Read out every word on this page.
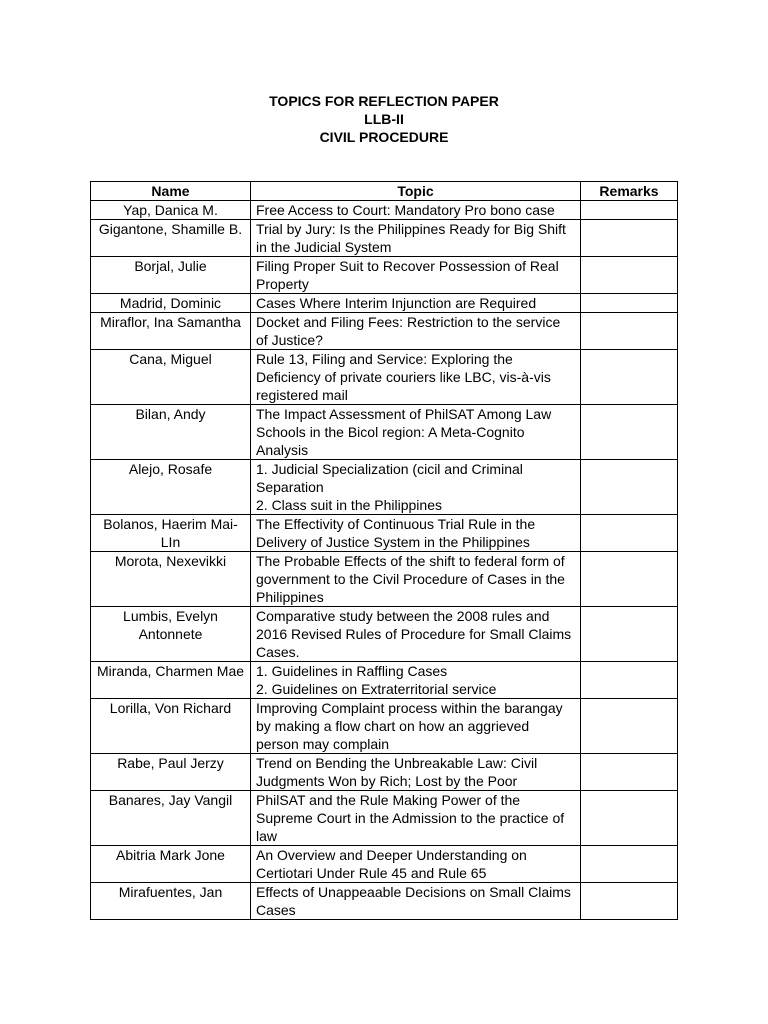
TOPICS FOR REFLECTION PAPER
LLB-II
CIVIL PROCEDURE
Name	Topic	Remarks
Yap, Danica M.	Free Access to Court: Mandatory Pro bono case	
Gigantone, Shamille B.	Trial by Jury: Is the Philippines Ready for Big Shift in the Judicial System	
Borjal, Julie	Filing Proper Suit to Recover Possession of Real Property	
Madrid, Dominic	Cases Where Interim Injunction are Required	
Miraflor, Ina Samantha	Docket and Filing Fees: Restriction to the service of Justice?	
Cana, Miguel	Rule 13, Filing and Service: Exploring the Deficiency of private couriers like LBC, vis-à-vis registered mail	
Bilan, Andy	The Impact Assessment of PhilSAT Among Law Schools in the Bicol region: A Meta-Cognito Analysis	
Alejo, Rosafe	1. Judicial Specialization (cicil and Criminal Separation
2. Class suit in the Philippines	
Bolanos, Haerim Mai-LIn	The Effectivity of Continuous Trial Rule in the Delivery of Justice System in the Philippines	
Morota, Nexevikki	The Probable Effects of the shift to federal form of government to the Civil Procedure of Cases in the Philippines	
Lumbis, Evelyn Antonnete	Comparative study between the 2008 rules and 2016 Revised Rules of Procedure for Small Claims Cases.	
Miranda, Charmen Mae	1. Guidelines in Raffling Cases
2. Guidelines on Extraterritorial service	
Lorilla, Von Richard	Improving Complaint process within the barangay by making a flow chart on how an aggrieved person may complain	
Rabe, Paul Jerzy	Trend on Bending the Unbreakable Law: Civil Judgments Won by Rich; Lost by the Poor	
Banares, Jay Vangil	PhilSAT and the Rule Making Power of the Supreme Court in the Admission to the practice of law	
Abitria Mark Jone	An Overview and Deeper Understanding on Certiotari Under Rule 45 and Rule 65	
Mirafuentes, Jan	Effects of Unappeaable Decisions on Small Claims Cases	
